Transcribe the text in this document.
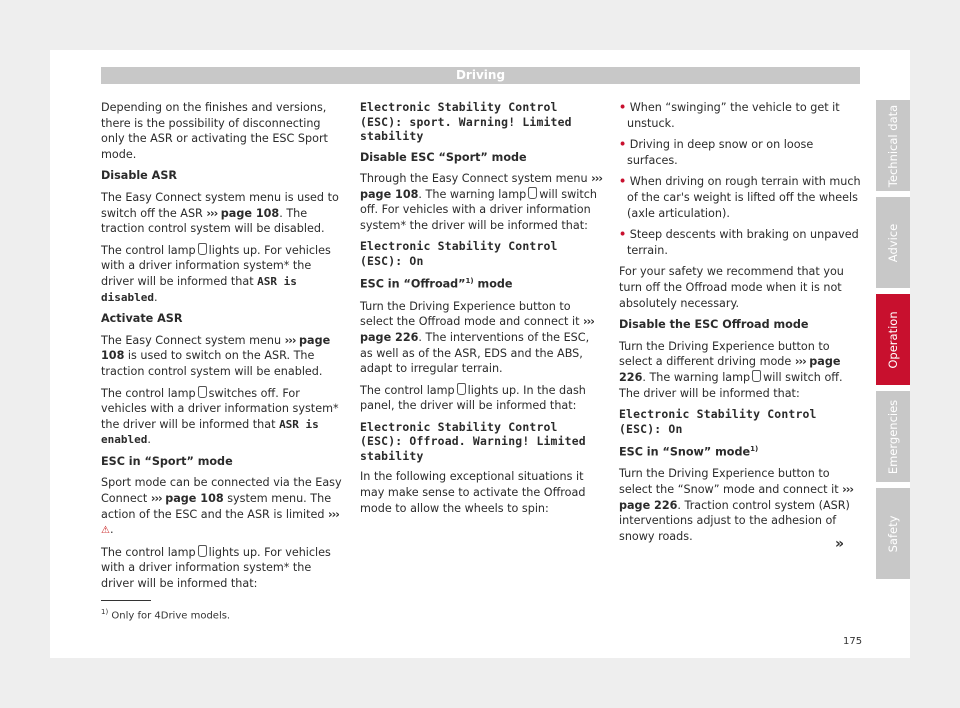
Driving

Depending on the finishes and versions, there is the possibility of disconnecting only the ASR or activating the ESC Sport mode.

Disable ASR

The Easy Connect system menu is used to switch off the ASR ››› page 108. The traction control system will be disabled.

The control lamp lights up. For vehicles with a driver information system* the driver will be informed that ASR is disabled.

Activate ASR

The Easy Connect system menu ››› page 108 is used to switch on the ASR. The traction control system will be enabled.

The control lamp switches off. For vehicles with a driver information system* the driver will be informed that ASR is enabled.

ESC in “Sport” mode

Sport mode can be connected via the Easy Connect ››› page 108 system menu. The action of the ESC and the ASR is limited ››› ⚠.

The control lamp lights up. For vehicles with a driver information system* the driver will be informed that:

Electronic Stability Control
(ESC): sport. Warning! Limited
stability

Disable ESC “Sport” mode

Through the Easy Connect system menu ››› page 108. The warning lamp will switch off. For vehicles with a driver information system* the driver will be informed that:

Electronic Stability Control
(ESC): On

ESC in “Offroad”$^{1)}$ mode

Turn the Driving Experience button to select the Offroad mode and connect it ››› page 226. The interventions of the ESC, as well as of the ASR, EDS and the ABS, adapt to irregular terrain.

The control lamp lights up. In the dash panel, the driver will be informed that:

Electronic Stability Control
(ESC): Offroad. Warning! Limited
stability

In the following exceptional situations it may make sense to activate the Offroad mode to allow the wheels to spin:

• When “swinging” the vehicle to get it unstuck.

• Driving in deep snow or on loose surfaces.

• When driving on rough terrain with much of the car's weight is lifted off the wheels (axle articulation).

• Steep descents with braking on unpaved terrain.

For your safety we recommend that you turn off the Offroad mode when it is not absolutely necessary.

Disable the ESC Offroad mode

Turn the Driving Experience button to select a different driving mode ››› page 226. The warning lamp will switch off. The driver will be informed that:

Electronic Stability Control
(ESC): On

ESC in “Snow” mode$^{1)}$

Turn the Driving Experience button to select the “Snow” mode and connect it ››› page 226. Traction control system (ASR) interventions adjust to the adhesion of snowy roads.	»
Technical data
Advice
Operation
Emergencies
Safety
$^{1)}$ Only for 4Drive models.
175
